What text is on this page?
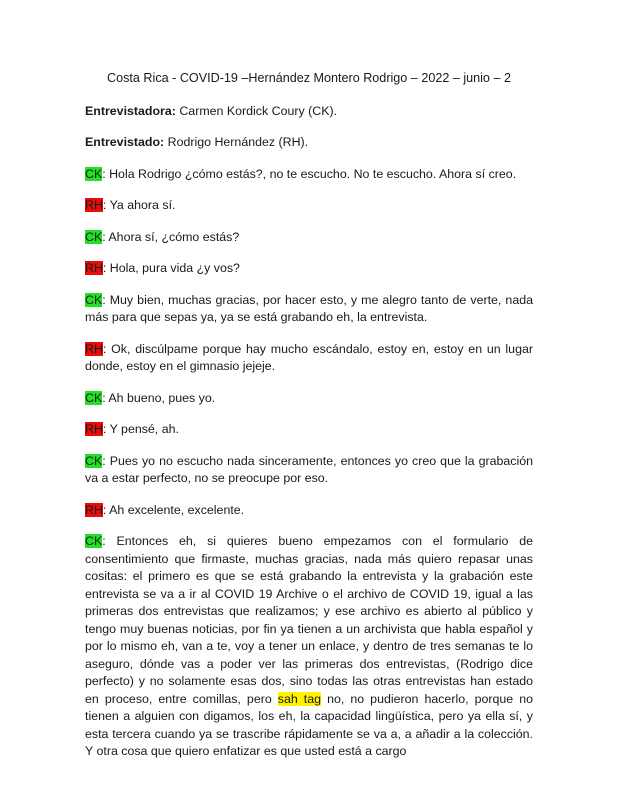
Costa Rica - COVID-19 –Hernández Montero Rodrigo – 2022 – junio – 2

Entrevistadora: Carmen Kordick Coury (CK).

Entrevistado: Rodrigo Hernández (RH).

CK: Hola Rodrigo ¿cómo estás?, no te escucho. No te escucho. Ahora sí creo.

RH: Ya ahora sí.

CK: Ahora sí, ¿cómo estás?

RH: Hola, pura vida ¿y vos?

CK: Muy bien, muchas gracias, por hacer esto, y me alegro tanto de verte, nada más para que sepas ya, ya se está grabando eh, la entrevista.

RH: Ok, discúlpame porque hay mucho escándalo, estoy en, estoy en un lugar donde, estoy en el gimnasio jejeje.

CK: Ah bueno, pues yo.

RH: Y pensé, ah.

CK: Pues yo no escucho nada sinceramente, entonces yo creo que la grabación va a estar perfecto, no se preocupe por eso.

RH: Ah excelente, excelente.

CK: Entonces eh, si quieres bueno empezamos con el formulario de consentimiento que firmaste, muchas gracias, nada más quiero repasar unas cositas: el primero es que se está grabando la entrevista y la grabación este entrevista se va a ir al COVID 19 Archive o el archivo de COVID 19, igual a las primeras dos entrevistas que realizamos; y ese archivo es abierto al público y tengo muy buenas noticias, por fin ya tienen a un archivista que habla español y por lo mismo eh, van a te, voy a tener un enlace, y dentro de tres semanas te lo aseguro, dónde vas a poder ver las primeras dos entrevistas, (Rodrigo dice perfecto) y no solamente esas dos, sino todas las otras entrevistas han estado en proceso, entre comillas, pero sah tag no, no pudieron hacerlo, porque no tienen a alguien con digamos, los eh, la capacidad lingüística, pero ya ella sí, y esta tercera cuando ya se trascribe rápidamente se va a, a añadir a la colección. Y otra cosa que quiero enfatizar es que usted está a cargo
